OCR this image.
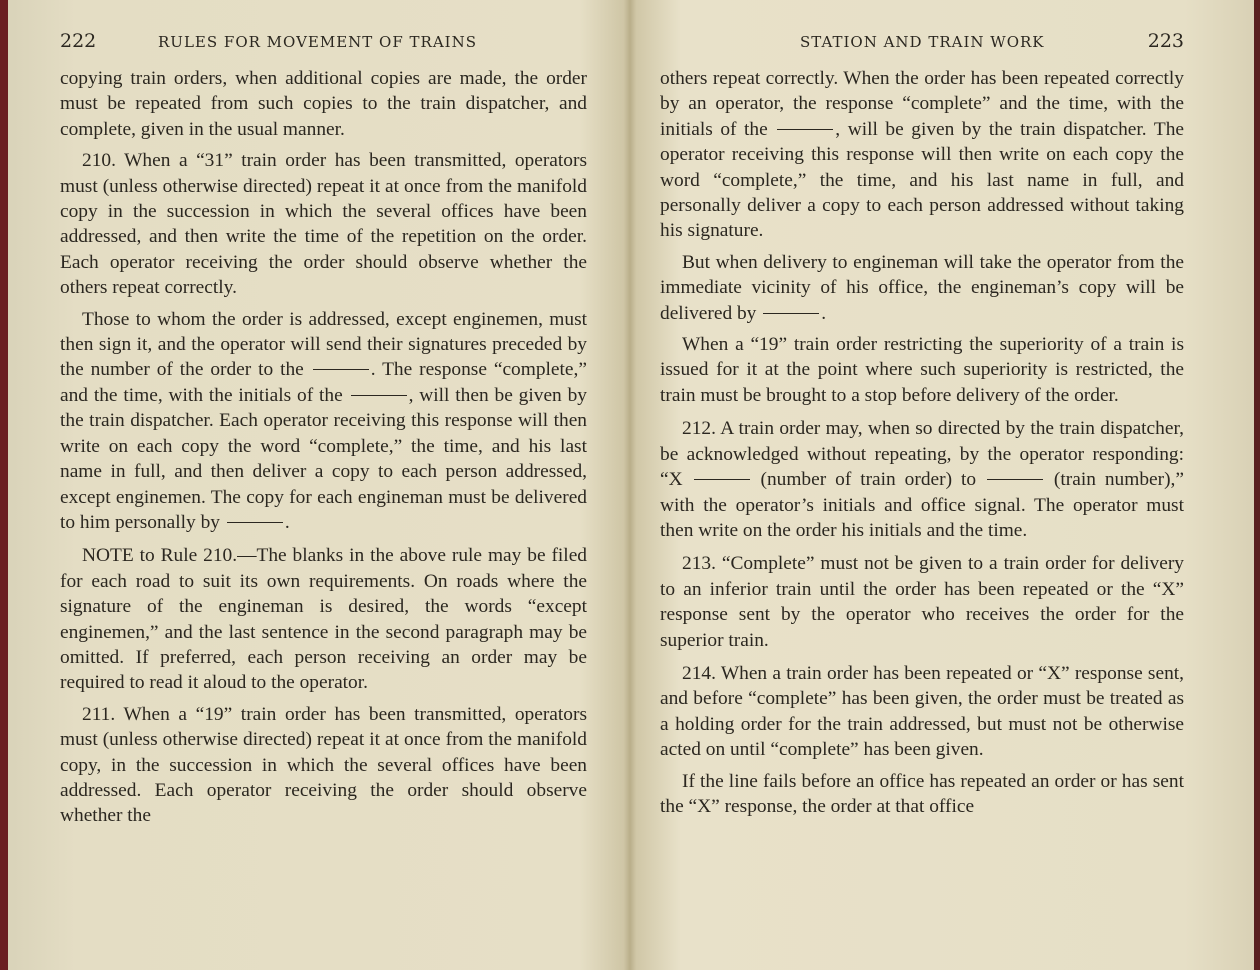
222	RULES FOR MOVEMENT OF TRAINS

copying train orders, when additional copies are made, the order must be repeated from such copies to the train dispatcher, and complete, given in the usual manner.

210. When a “31” train order has been transmitted, operators must (unless otherwise directed) repeat it at once from the manifold copy in the succession in which the several offices have been addressed, and then write the time of the repetition on the order. Each operator receiving the order should observe whether the others repeat correctly.

Those to whom the order is addressed, except enginemen, must then sign it, and the operator will send their signatures preceded by the number of the order to the	. The response “complete,” and the time, with the initials of the	, will then be given by the train dispatcher. Each operator receiving this response will then write on each copy the word “complete,” the time, and his last name in full, and then deliver a copy to each person addressed, except enginemen. The copy for each engineman must be delivered to him personally by	.

NOTE to Rule 210.—The blanks in the above rule may be filed for each road to suit its own requirements. On roads where the signature of the engineman is desired, the words “except enginemen,” and the last sentence in the second paragraph may be omitted. If preferred, each person receiving an order may be required to read it aloud to the operator.

211. When a “19” train order has been transmitted, operators must (unless otherwise directed) repeat it at once from the manifold copy, in the succession in which the several offices have been addressed. Each operator receiving the order should observe whether the

STATION AND TRAIN WORK	223

others repeat correctly. When the order has been repeated correctly by an operator, the response “complete” and the time, with the initials of the	, will be given by the train dispatcher. The operator receiving this response will then write on each copy the word “complete,” the time, and his last name in full, and personally deliver a copy to each person addressed without taking his signature.

But when delivery to engineman will take the operator from the immediate vicinity of his office, the engineman’s copy will be delivered by	.

When a “19” train order restricting the superiority of a train is issued for it at the point where such superiority is restricted, the train must be brought to a stop before delivery of the order.

212. A train order may, when so directed by the train dispatcher, be acknowledged without repeating, by the operator responding: “X	(number of train order) to	(train number),” with the operator’s initials and office signal. The operator must then write on the order his initials and the time.

213. “Complete” must not be given to a train order for delivery to an inferior train until the order has been repeated or the “X” response sent by the operator who receives the order for the superior train.

214. When a train order has been repeated or “X” response sent, and before “complete” has been given, the order must be treated as a holding order for the train addressed, but must not be otherwise acted on until “complete” has been given.

If the line fails before an office has repeated an order or has sent the “X” response, the order at that office
